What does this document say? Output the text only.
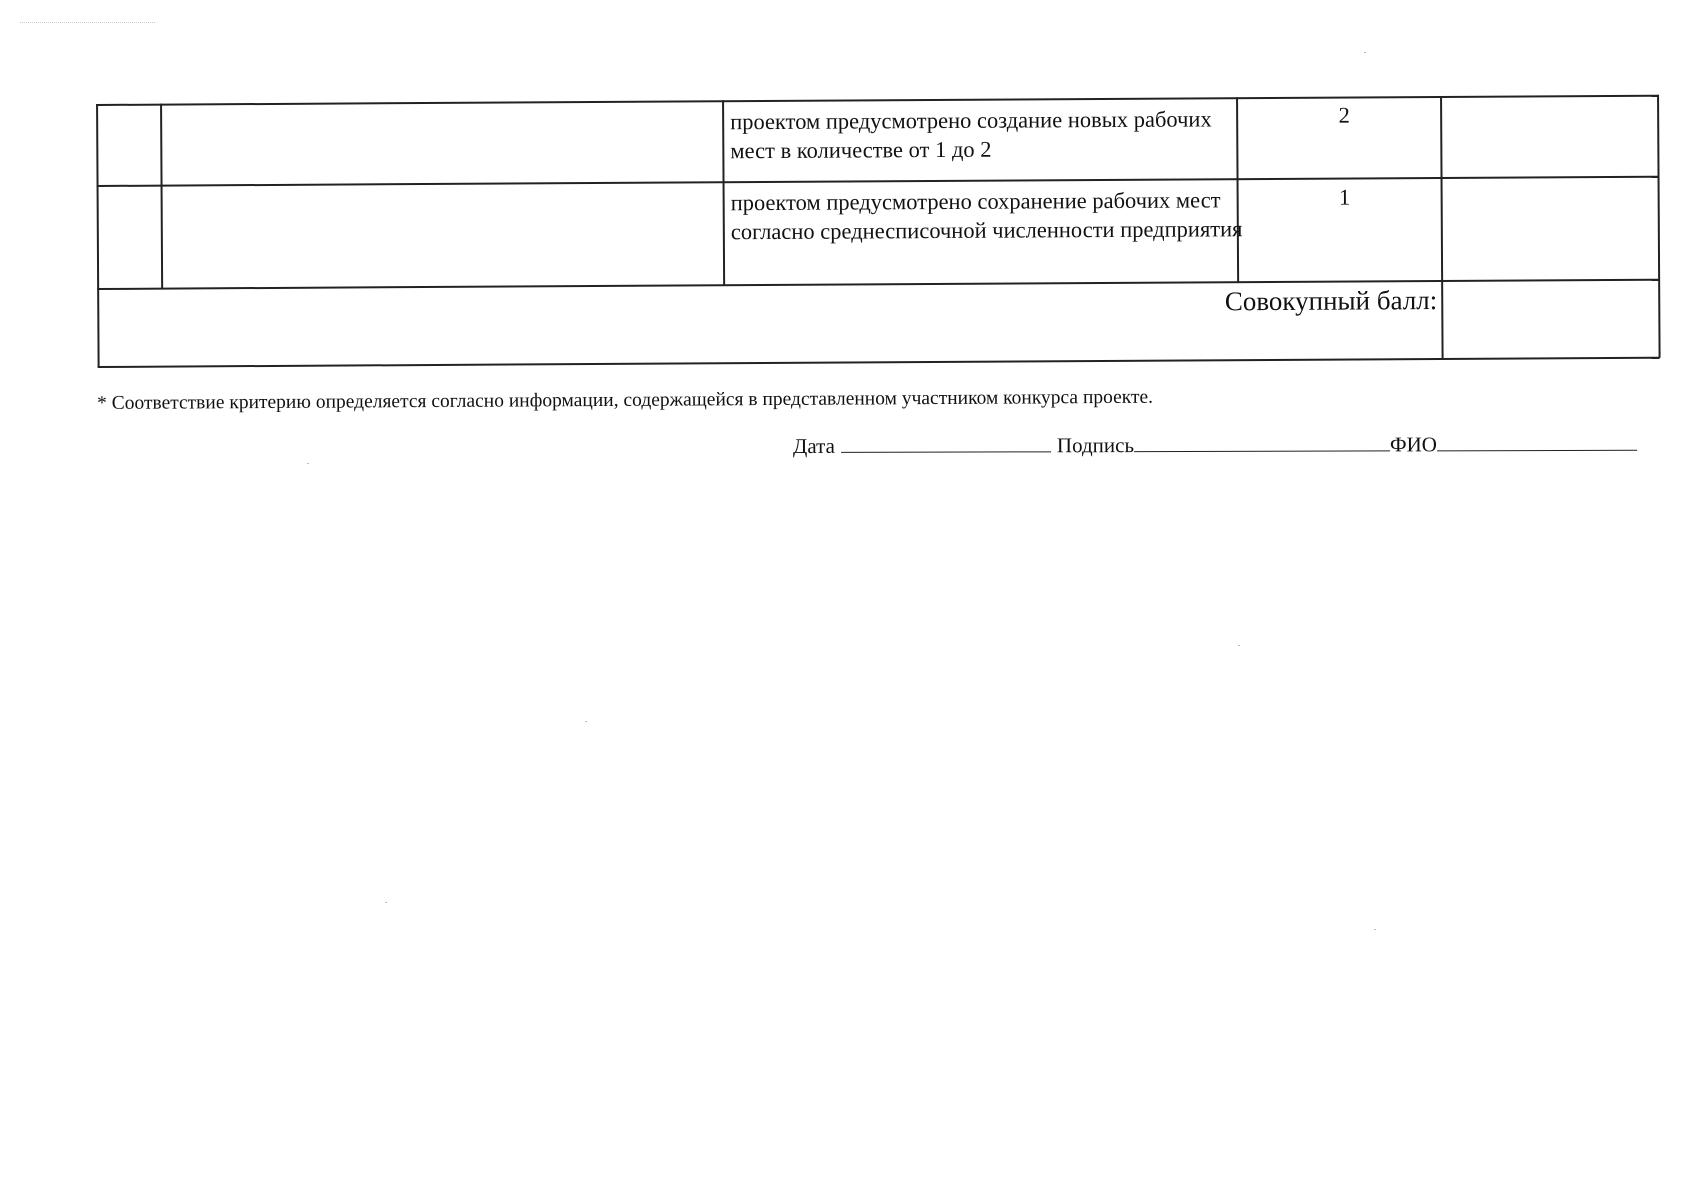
проектом предусмотрено создание новых рабочих мест в количестве от 1 до 2
2
проектом предусмотрено сохранение рабочих мест согласно среднесписочной численности предприятия
1
Совокупный балл:
* Соответствие критерию определяется согласно информации, содержащейся в представленном участником конкурса проекте.
Дата	Подпись	ФИО
